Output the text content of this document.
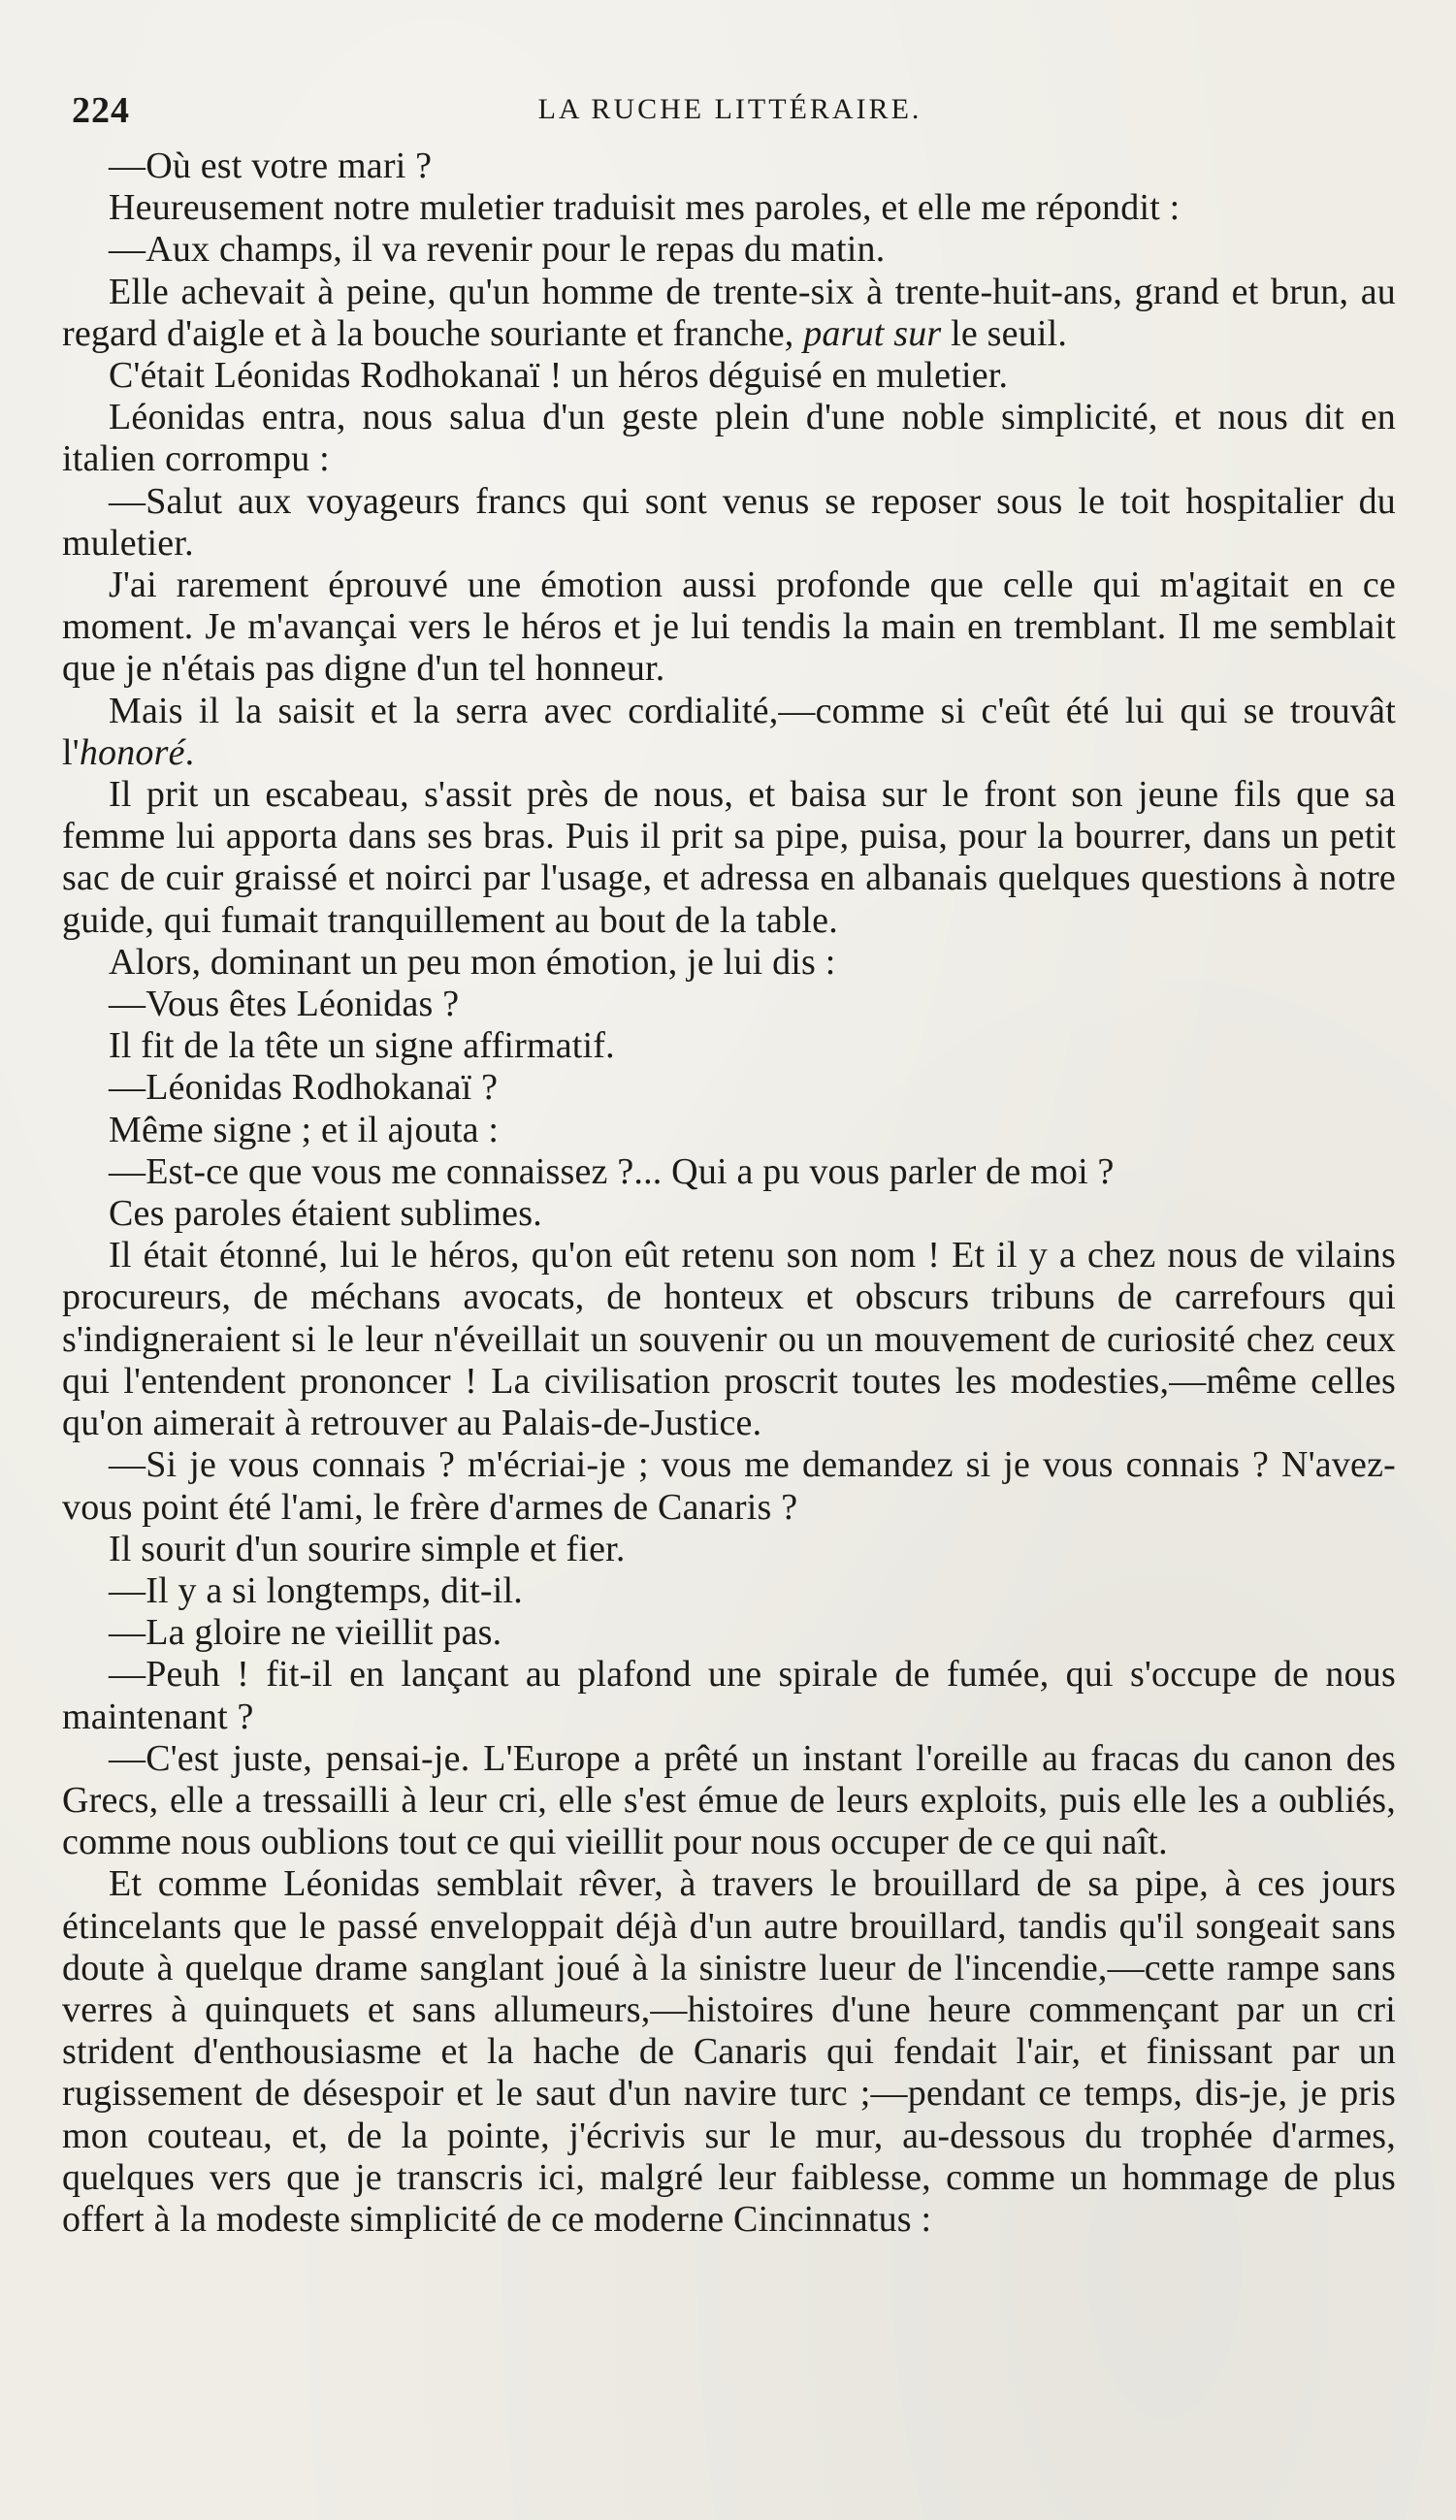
224	LA RUCHE LITTÉRAIRE.

—Où est votre mari ?

Heureusement notre muletier traduisit mes paroles, et elle me répondit :

—Aux champs, il va revenir pour le repas du matin.

Elle achevait à peine, qu'un homme de trente-six à trente-huit-ans, grand et brun, au regard d'aigle et à la bouche souriante et franche, parut sur le seuil.

C'était Léonidas Rodhokanaï ! un héros déguisé en muletier.

Léonidas entra, nous salua d'un geste plein d'une noble simplicité, et nous dit en italien corrompu :

—Salut aux voyageurs francs qui sont venus se reposer sous le toit hospitalier du muletier.

J'ai rarement éprouvé une émotion aussi profonde que celle qui m'agitait en ce moment. Je m'avançai vers le héros et je lui tendis la main en tremblant. Il me semblait que je n'étais pas digne d'un tel honneur.

Mais il la saisit et la serra avec cordialité,—comme si c'eût été lui qui se trouvât l'honoré.

Il prit un escabeau, s'assit près de nous, et baisa sur le front son jeune fils que sa femme lui apporta dans ses bras. Puis il prit sa pipe, puisa, pour la bourrer, dans un petit sac de cuir graissé et noirci par l'usage, et adressa en albanais quelques questions à notre guide, qui fumait tranquillement au bout de la table.

Alors, dominant un peu mon émotion, je lui dis :

—Vous êtes Léonidas ?

Il fit de la tête un signe affirmatif.

—Léonidas Rodhokanaï ?

Même signe ; et il ajouta :

—Est-ce que vous me connaissez ?... Qui a pu vous parler de moi ?

Ces paroles étaient sublimes.

Il était étonné, lui le héros, qu'on eût retenu son nom ! Et il y a chez nous de vilains procureurs, de méchans avocats, de honteux et obscurs tribuns de carrefours qui s'indigneraient si le leur n'éveillait un souvenir ou un mouvement de curiosité chez ceux qui l'entendent prononcer ! La civilisation proscrit toutes les modesties,—même celles qu'on aimerait à retrouver au Palais-de-Justice.

—Si je vous connais ? m'écriai-je ; vous me demandez si je vous connais ? N'avez-vous point été l'ami, le frère d'armes de Canaris ?

Il sourit d'un sourire simple et fier.

—Il y a si longtemps, dit-il.

—La gloire ne vieillit pas.

—Peuh ! fit-il en lançant au plafond une spirale de fumée, qui s'occupe de nous maintenant ?

—C'est juste, pensai-je. L'Europe a prêté un instant l'oreille au fracas du canon des Grecs, elle a tressailli à leur cri, elle s'est émue de leurs exploits, puis elle les a oubliés, comme nous oublions tout ce qui vieillit pour nous occuper de ce qui naît.

Et comme Léonidas semblait rêver, à travers le brouillard de sa pipe, à ces jours étincelants que le passé enveloppait déjà d'un autre brouillard, tandis qu'il songeait sans doute à quelque drame sanglant joué à la sinistre lueur de l'incendie,—cette rampe sans verres à quinquets et sans allumeurs,—histoires d'une heure commençant par un cri strident d'enthousiasme et la hache de Canaris qui fendait l'air, et finissant par un rugissement de désespoir et le saut d'un navire turc ;—pendant ce temps, dis-je, je pris mon couteau, et, de la pointe, j'écrivis sur le mur, au-dessous du trophée d'armes, quelques vers que je transcris ici, malgré leur faiblesse, comme un hommage de plus offert à la modeste simplicité de ce moderne Cincinnatus :
